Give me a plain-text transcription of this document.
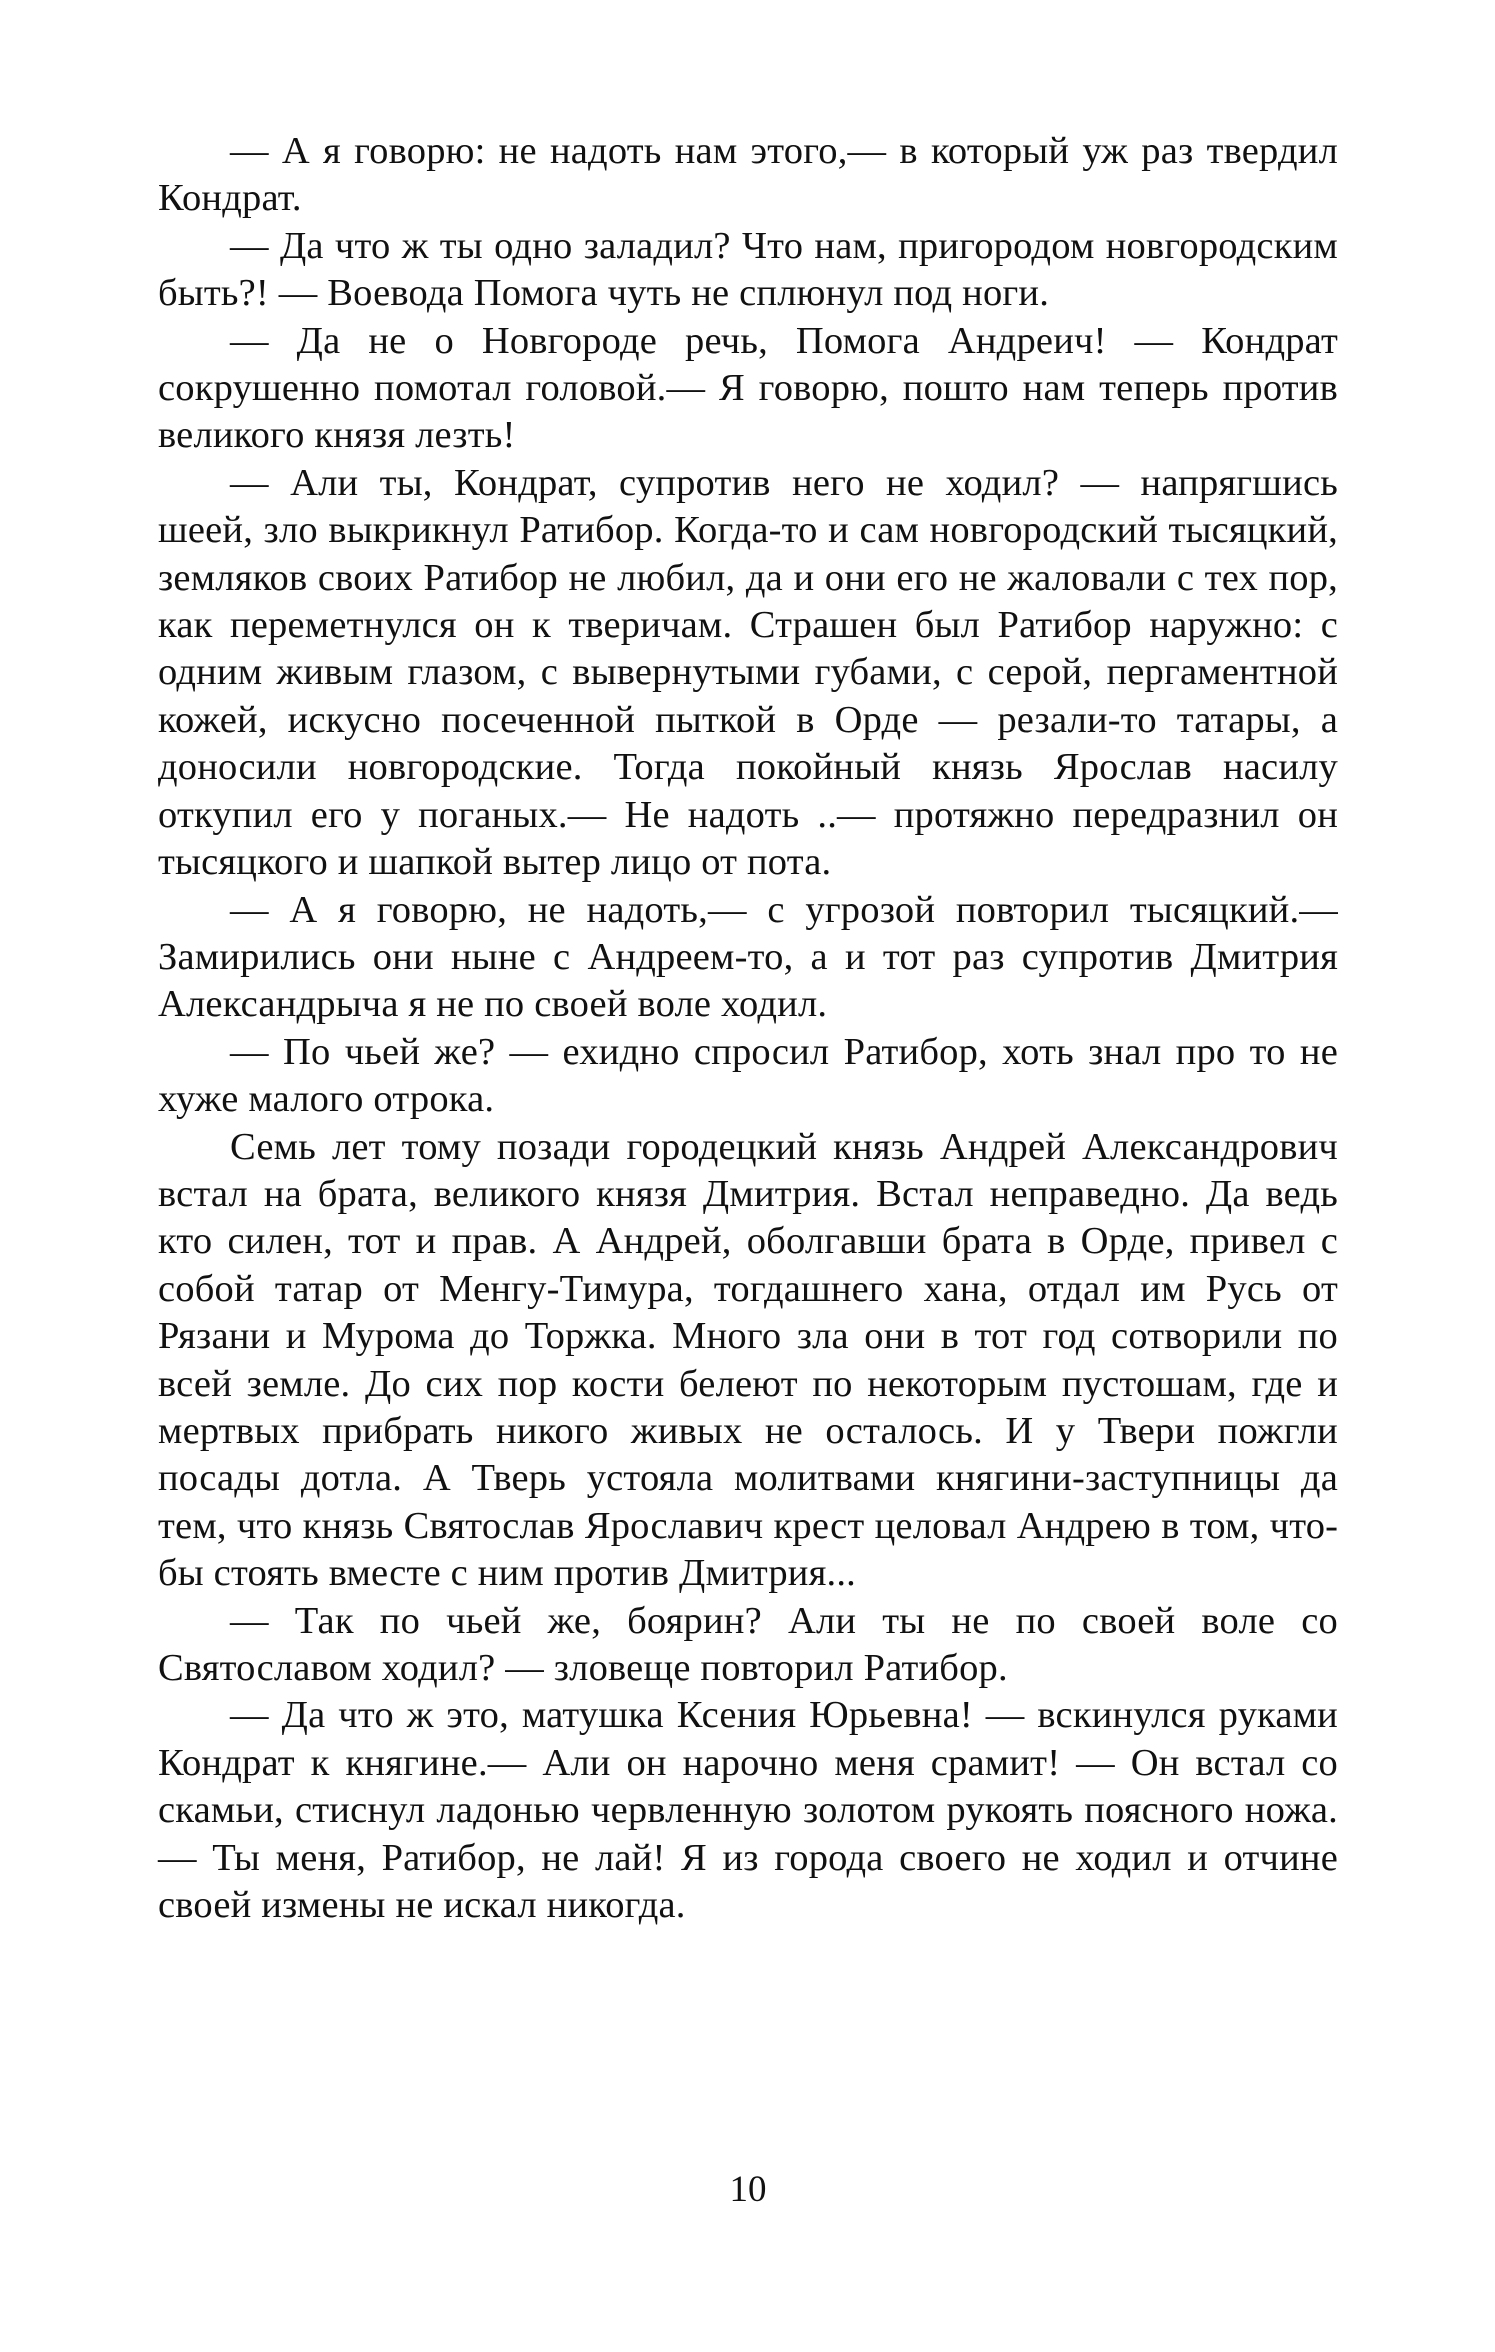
— А я говорю: не надоть нам этого,— в который уж раз твердил Кондрат.

— Да что ж ты одно заладил? Что нам, пригородом новгородским быть?! — Воевода Помога чуть не сплюнул под ноги.

— Да не о Новгороде речь, Помога Андреич! — Кондрат сокрушенно помотал головой.— Я говорю, пошто нам теперь против великого князя лезть!

— Али ты, Кондрат, супротив него не ходил? — напрягшись шеей, зло выкрикнул Ратибор. Когда-то и сам новгородский тысяцкий, земляков своих Ратибор не любил, да и они его не жаловали с тех пор, как переметнулся он к тверичам. Страшен был Ратибор наружно: с одним живым глазом, с вывернутыми губами, с серой, пергаментной кожей, искусно посеченной пыткой в Орде — резали-то татары, а доносили новгородские. Тогда покойный князь Ярослав насилу откупил его у поганых.— Не надоть ..— протяжно передразнил он тысяцкого и шапкой вытер лицо от пота.

— А я говорю, не надоть,— с угрозой повторил тысяцкий.— Замирились они ныне с Андреем-то, а и тот раз супротив Дмитрия Александрыча я не по своей воле ходил.

— По чьей же? — ехидно спросил Ратибор, хоть знал про то не хуже малого отрока.

Семь лет тому позади городецкий князь Андрей Александрович встал на брата, великого князя Дмитрия. Встал неправедно. Да ведь кто силен, тот и прав. А Андрей, оболгавши брата в Орде, привел с собой татар от Менгу-Тимура, тогдашнего хана, отдал им Русь от Рязани и Мурома до Торжка. Много зла они в тот год сотворили по всей земле. До сих пор кости белеют по некоторым пустошам, где и мертвых прибрать никого живых не осталось. И у Твери пожгли посады дотла. А Тверь устояла молитвами княгини-заступницы да тем, что князь Святослав Ярославич крест целовал Андрею в том, чтобы стоять вместе с ним против Дмитрия...

— Так по чьей же, боярин? Али ты не по своей воле со Святославом ходил? — зловеще повторил Ратибор.

— Да что ж это, матушка Ксения Юрьевна! — вскинулся руками Кондрат к княгине.— Али он нарочно меня срамит! — Он встал со скамьи, стиснул ладонью червленную золотом рукоять поясного ножа.— Ты меня, Ратибор, не лай! Я из города своего не ходил и отчине своей измены не искал никогда.

10
